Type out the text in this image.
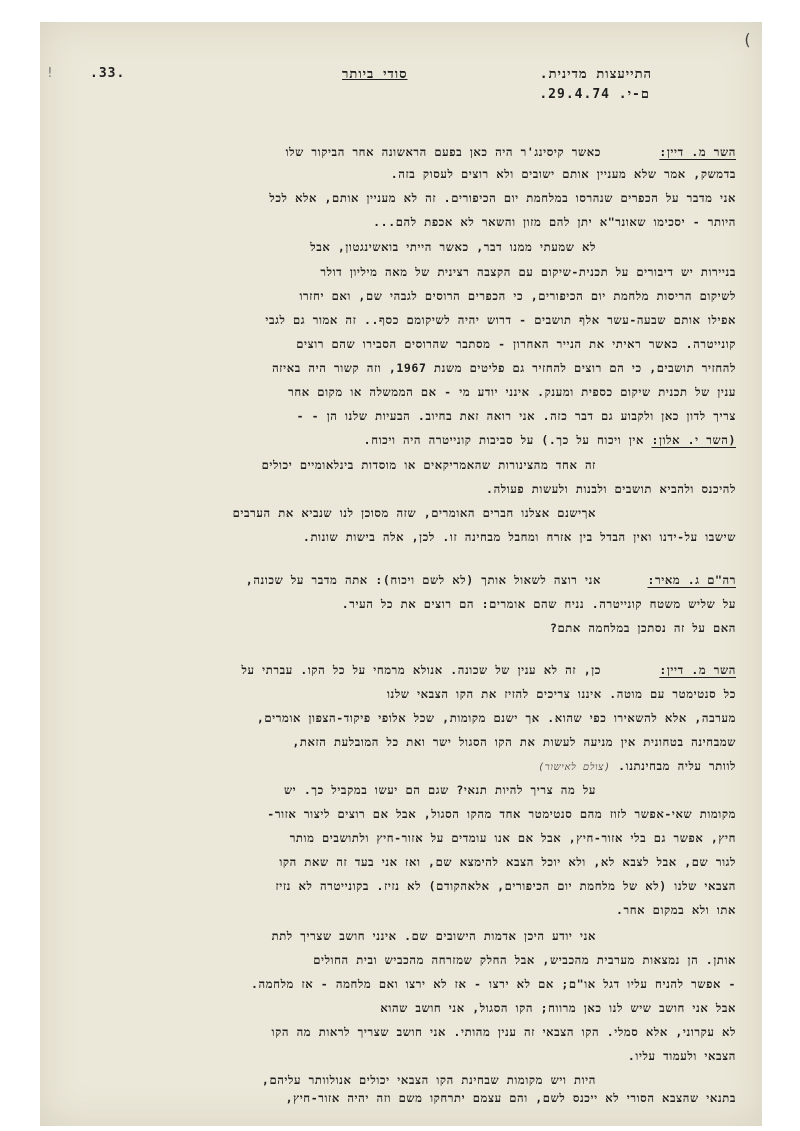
(
!	.33.	סודי ביותר	התייעצות מדינית.
.29.4.74 .ם-י
השר מ. דיין:
כאשר קיסינג'ר היה כאן בפעם הראשונה אחר הביקור שלו
בדמשק, אמר שלא מעניין אותם ישובים ולא רוצים לעסוק בזה.
אני מדבר על הכפרים שנהרסו במלחמת יום הכיפורים. זה לא מעניין אותם, אלא לכל
היותר - יסכימו שאונר"א יתן להם מזון והשאר לא אכפת להם...
לא שמעתי ממנו דבר, כאשר הייתי בואשינגטון, אבל
בניירות יש דיבורים על תכנית-שיקום עם הקצבה רצינית של מאה מיליון דולר
לשיקום הריסות מלחמת יום הכיפורים, כי הכפרים הרוסים לגבהי שם, ואם יחזרו
אפילו אותם שבעה-עשר אלף תושבים - דרוש יהיה לשיקומם כסף.. זה אמור גם לגבי
קונייטרה. כאשר ראיתי את הנייר האחרון - מסתבר שהרוסים הסבירו שהם רוצים
להחזיר תושבים, כי הם רוצים להחזיר גם פליטים משנת 1967, וזה קשור היה באיזה
ענין של תכנית שיקום כספית ומענק. אינני יודע מי - אם הממשלה או מקום אחר
צריך לדון כאן ולקבוע גם דבר כזה. אני רואה זאת בחיוב. הבעיות שלנו הן - -
(השר י. אלון: אין ויכוח על כך.) על סביבות קונייטרה היה ויכוח.
זה אחד מהצינורות שהאמריקאים או מוסדות בינלאומיים יכולים
להיכנס ולהביא תושבים ולבנות ולעשות פעולה.
אךישנם אצלנו חברים האומרים, שזה מסוכן לנו שנביא את הערבים
שישבו על-ידנו ואין הבדל בין אזרח ומחבל מבחינה זו. לכן, אלה בישות שונות.
רה"ם ג. מאיר:
אני רוצה לשאול אותך (לא לשם ויכוח): אתה מדבר על שכונה,
על שליש משטח קונייטרה. נניח שהם אומרים: הם רוצים את כל העיר.
האם על זה נסתכן במלחמה אתם?
השר מ. דיין:
כן, זה לא ענין של שכונה. אנולא מרמחי על כל הקו. עברתי על
כל סנטימטר עם מוטה. איננו צריכים להזיז את הקו הצבאי שלנו
מערבה, אלא להשאירו כפי שהוא. אך ישנם מקומות, שכל אלופי פיקוד-הצפון אומרים,
שמבחינה בטחונית אין מניעה לעשות את הקו הסגול ישר ואת כל המובלעת הזאת,
לוותר עליה מבחינתנו. (צולם לאישור)
על מה צריך להיות תנאי? שגם הם יעשו במקביל כך. יש
מקומות שאי-אפשר לזוז מהם סנטימטר אחד מהקו הסגול, אבל אם רוצים ליצור אזור-
חיץ, אפשר גם בלי אזור-חיץ, אבל אם אנו עומדים על אזור-חיץ ולתושבים מותר
לגור שם, אבל לצבא לא, ולא יוכל הצבא להימצא שם, ואז אני בעד זה שאת הקו
הצבאי שלנו (לא של מלחמת יום הכיפורים, אלאהקודם) לא נזיז. בקונייטרה לא נזיז
אתו ולא במקום אחר.
אני יודע היכן אדמות הישובים שם. אינני חושב שצריך לתת
אותן. הן נמצאות מערבית מהכביש, אבל החלק שמזרחה מהכביש ובית החולים
- אפשר להניח עליו דגל או"ם; אם לא ירצו - אז לא ירצו ואם מלחמה - אז מלחמה.
אבל אני חושב שיש לנו כאן מרווח; הקו הסגול, אני חושב שהוא
לא עקרוני, אלא סמלי. הקו הצבאי זה ענין מהותי. אני חושב שצריך לראות מה הקו
הצבאי ולעמוד עליו.
היות ויש מקומות שבחינת הקו הצבאי יכולים אנולוותר עליהם,
בתנאי שהצבא הסורי לא ייכנס לשם, והם עצמם יתרחקו משם וזה יהיה אזור-חיץ,
